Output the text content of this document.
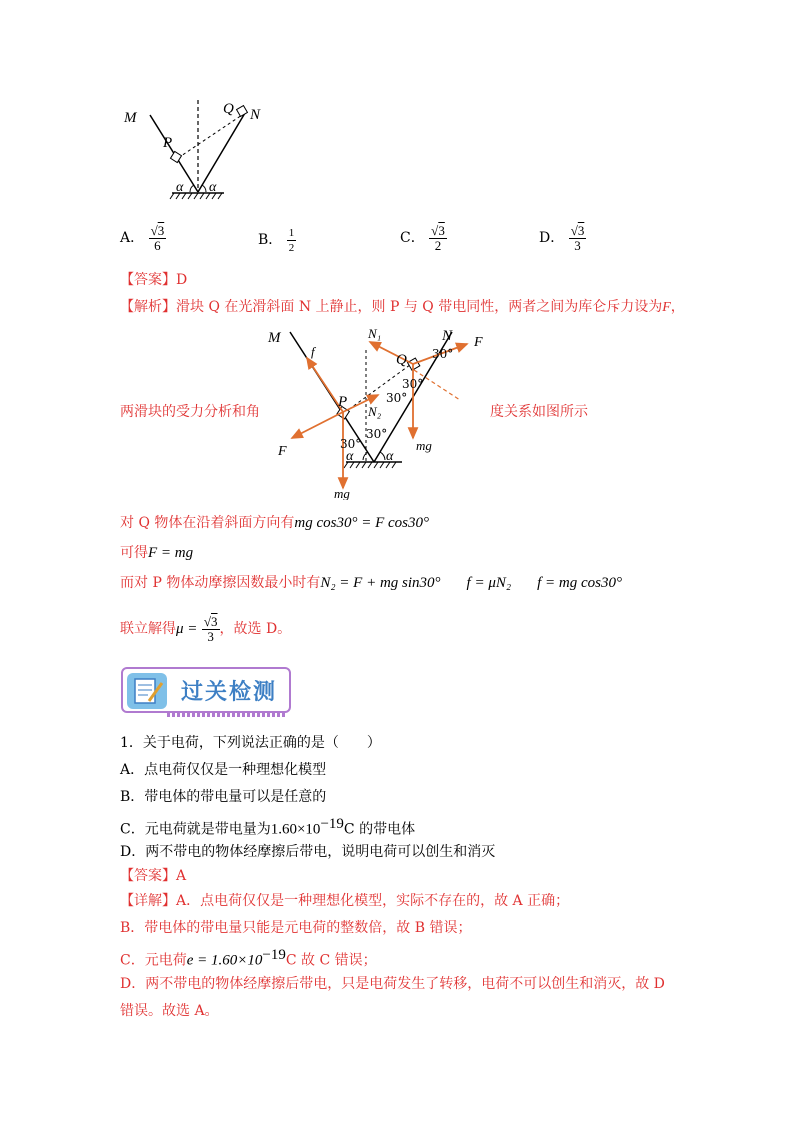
M
Q N
P
α α
A． √ $\frac{3}{6}$	B． $\frac{1}{2}$	C． √ $\frac{3}{2}$	D． √ $\frac{3}{3}$
【答案】D
【解析】滑块 Q 在光滑斜面 N 上静止，则 P 与 Q 带电同性，两者之间为库仑斥力设为F，
M	N
f
N₁
N₂
F
F
Q
P
30°
30°
30°
30°
30°	mg
mg
α α
两滑块的受力分析和角	度关系如图所示
对 Q 物体在沿着斜面方向有mg cos30° = F cos30°
可得F = mg
而对 P 物体动摩擦因数最小时有N₂ = F + mg sin30° f = μN₂ f = mg cos30°
联立解得μ = √ $\frac{3}{3}$ ，故选 D。
过关检测
1．关于电荷，下列说法正确的是（　　）
A．点电荷仅仅是一种理想化模型
B．带电体的带电量可以是任意的
C．元电荷就是带电量为$1.60\times 10^{-19}C$ 的带电体
D．两不带电的物体经摩擦后带电，说明电荷可以创生和消灭
【答案】A
【详解】A．点电荷仅仅是一种理想化模型，实际不存在的，故 A 正确；
B．带电体的带电量只能是元电荷的整数倍，故 B 错误；
C．元电荷$e = 1.60\times 10^{-19}C$ 故 C 错误；
D．两不带电的物体经摩擦后带电，只是电荷发生了转移，电荷不可以创生和消灭，故 D
错误。故选 A。
